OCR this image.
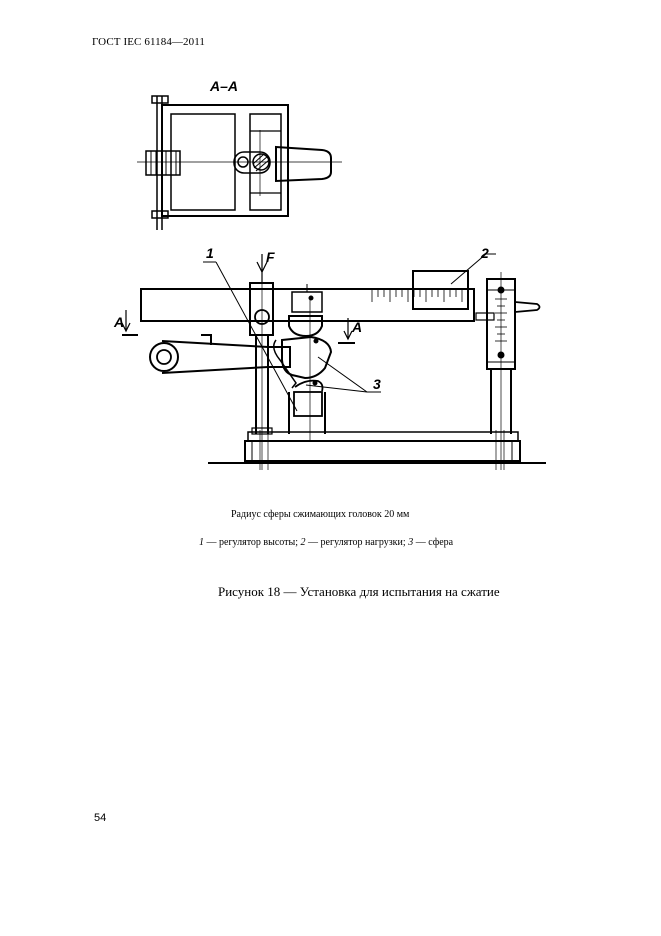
ГОСТ IEC 61184—2011
А–А
1	2
3
F
А	А
Радиус сферы сжимающих головок 20 мм
1 — регулятор высоты; 2 — регулятор нагрузки; 3 — сфера
Рисунок 18 — Установка для испытания на сжатие
54
